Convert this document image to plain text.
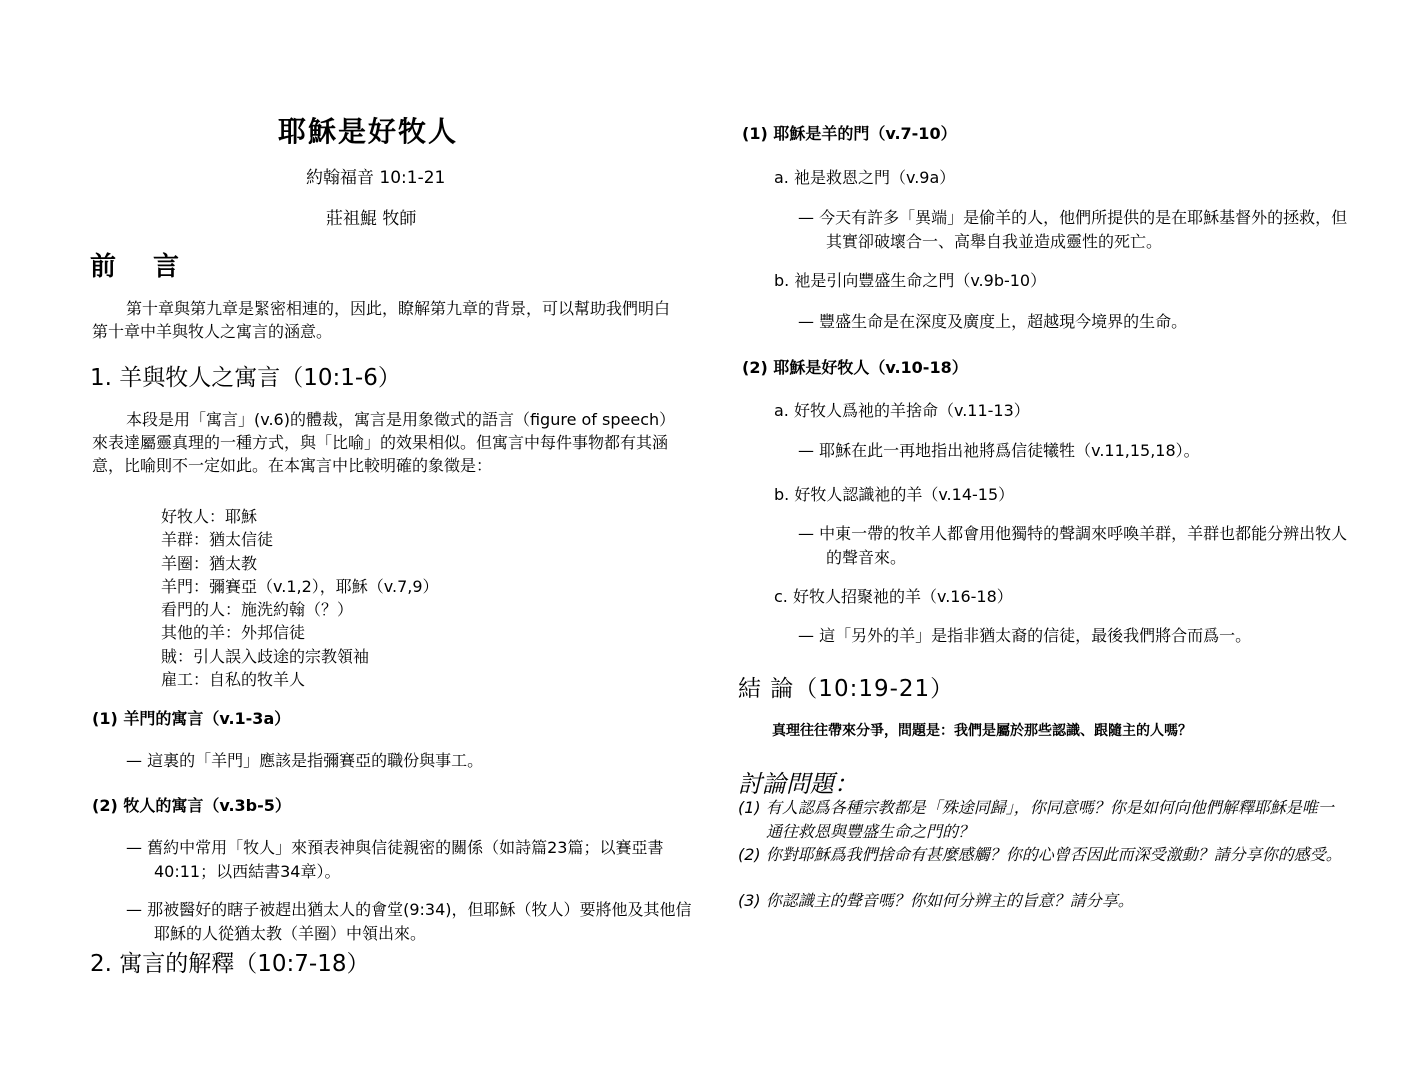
耶穌是好牧人
約翰福音 10:1-21
莊祖鯤 牧師
前 言
第十章與第九章是緊密相連的，因此，瞭解第九章的背景，可以幫助我們明白第十章中羊與牧人之寓言的涵意。
1. 羊與牧人之寓言（10:1-6）
本段是用「寓言」(v.6)的體裁，寓言是用象徵式的語言（figure of speech）來表達屬靈真理的一種方式，與「比喻」的效果相似。但寓言中每件事物都有其涵意，比喻則不一定如此。在本寓言中比較明確的象徵是：
好牧人：耶穌
羊群：猶太信徒
羊圈：猶太教
羊門：彌賽亞（v.1,2），耶穌（v.7,9）
看門的人：施洗約翰（？）
其他的羊：外邦信徒
賊：引人誤入歧途的宗教領袖
雇工：自私的牧羊人
(1) 羊門的寓言（v.1-3a）
— 這裏的「羊門」應該是指彌賽亞的職份與事工。
(2) 牧人的寓言（v.3b-5）
— 舊約中常用「牧人」來預表神與信徒親密的關係（如詩篇23篇；以賽亞書40:11；以西結書34章）。
— 那被醫好的瞎子被趕出猶太人的會堂(9:34)，但耶穌（牧人）要將他及其他信耶穌的人從猶太教（羊圈）中領出來。
2. 寓言的解釋（10:7-18）
(1) 耶穌是羊的門（v.7-10）
a. 祂是救恩之門（v.9a）
— 今天有許多「異端」是偷羊的人，他們所提供的是在耶穌基督外的拯救，但其實卻破壞合一、高舉自我並造成靈性的死亡。
b. 祂是引向豐盛生命之門（v.9b-10）
— 豐盛生命是在深度及廣度上，超越現今境界的生命。
(2) 耶穌是好牧人（v.10-18）
a. 好牧人爲祂的羊捨命（v.11-13）
— 耶穌在此一再地指出祂將爲信徒犧牲（v.11,15,18）。
b. 好牧人認識祂的羊（v.14-15）
— 中東一帶的牧羊人都會用他獨特的聲調來呼喚羊群，羊群也都能分辨出牧人的聲音來。
c. 好牧人招聚祂的羊（v.16-18）
— 這「另外的羊」是指非猶太裔的信徒，最後我們將合而爲一。
結 論（10:19-21）
真理往往帶來分爭，問題是：我們是屬於那些認識、跟隨主的人嗎？
討論問題：
(1) 有人認爲各種宗教都是「殊途同歸」，你同意嗎？你是如何向他們解釋耶穌是唯一通往救恩與豐盛生命之門的？
(2) 你對耶穌爲我們捨命有甚麼感觸？你的心曾否因此而深受激動？請分享你的感受。
(3) 你認識主的聲音嗎？你如何分辨主的旨意？請分享。
